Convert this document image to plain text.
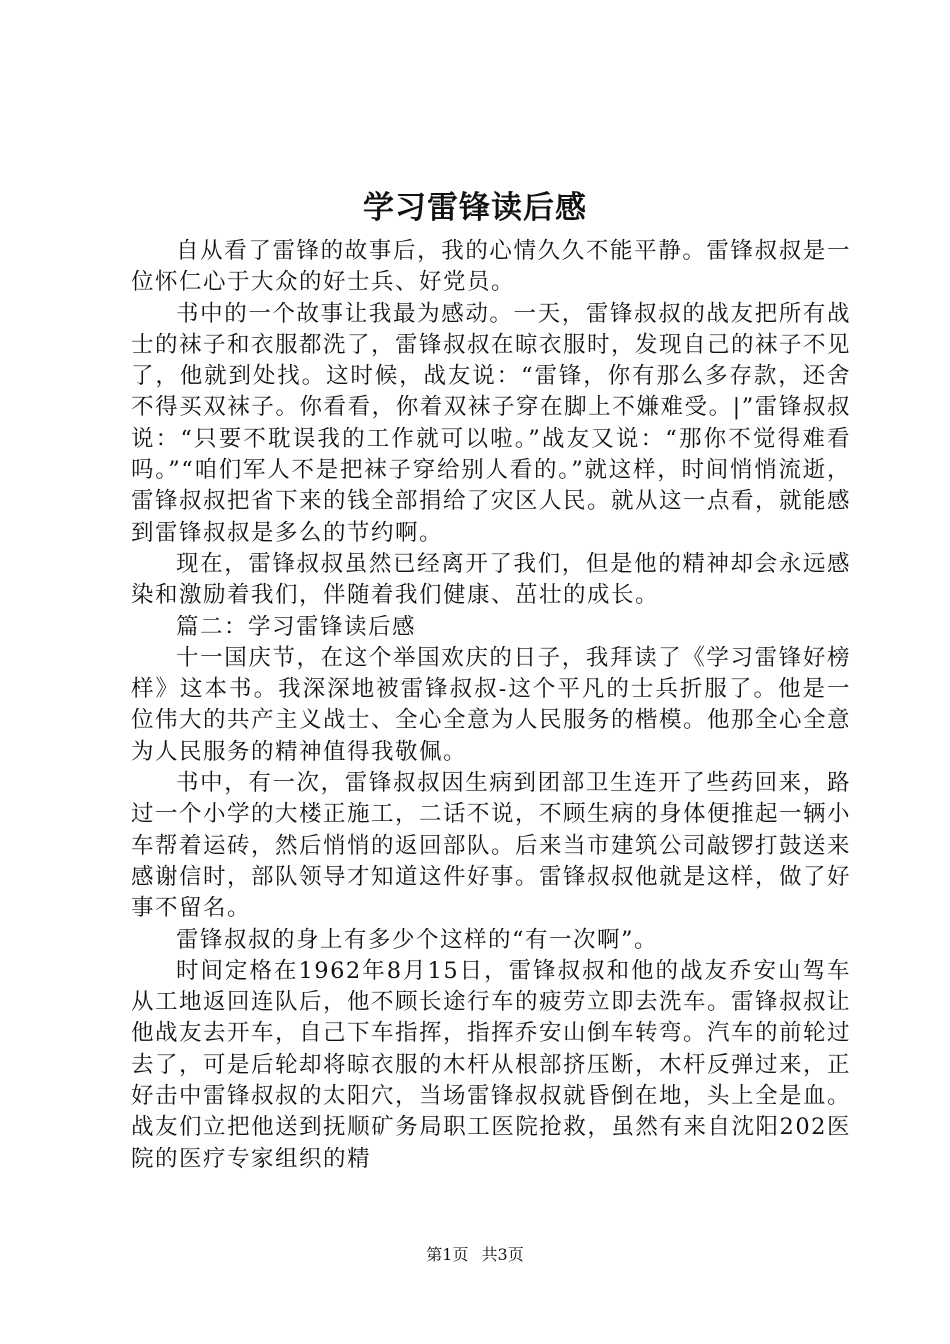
学习雷锋读后感

自从看了雷锋的故事后，我的心情久久不能平静。雷锋叔叔是一位怀仁心于大众的好士兵、好党员。

书中的一个故事让我最为感动。一天，雷锋叔叔的战友把所有战士的袜子和衣服都洗了，雷锋叔叔在晾衣服时，发现自己的袜子不见了，他就到处找。这时候，战友说：“雷锋，你有那么多存款，还舍不得买双袜子。你看看，你着双袜子穿在脚上不嫌难受。|”雷锋叔叔说：“只要不耽误我的工作就可以啦。”战友又说：“那你不觉得难看吗。”“咱们军人不是把袜子穿给别人看的。”就这样，时间悄悄流逝，雷锋叔叔把省下来的钱全部捐给了灾区人民。就从这一点看，就能感到雷锋叔叔是多么的节约啊。

现在，雷锋叔叔虽然已经离开了我们，但是他的精神却会永远感染和激励着我们，伴随着我们健康、茁壮的成长。

篇二：学习雷锋读后感

十一国庆节，在这个举国欢庆的日子，我拜读了《学习雷锋好榜样》这本书。我深深地被雷锋叔叔-这个平凡的士兵折服了。他是一位伟大的共产主义战士、全心全意为人民服务的楷模。他那全心全意为人民服务的精神值得我敬佩。

书中，有一次，雷锋叔叔因生病到团部卫生连开了些药回来，路过一个小学的大楼正施工，二话不说，不顾生病的身体便推起一辆小车帮着运砖，然后悄悄的返回部队。后来当市建筑公司敲锣打鼓送来感谢信时，部队领导才知道这件好事。雷锋叔叔他就是这样，做了好事不留名。

雷锋叔叔的身上有多少个这样的“有一次啊”。

时间定格在1962年8月15日，雷锋叔叔和他的战友乔安山驾车从工地返回连队后，他不顾长途行车的疲劳立即去洗车。雷锋叔叔让他战友去开车，自己下车指挥，指挥乔安山倒车转弯。汽车的前轮过去了，可是后轮却将晾衣服的木杆从根部挤压断，木杆反弹过来，正好击中雷锋叔叔的太阳穴，当场雷锋叔叔就昏倒在地，头上全是血。战友们立把他送到抚顺矿务局职工医院抢救，虽然有来自沈阳202医院的医疗专家组织的精

第1页 共3页
